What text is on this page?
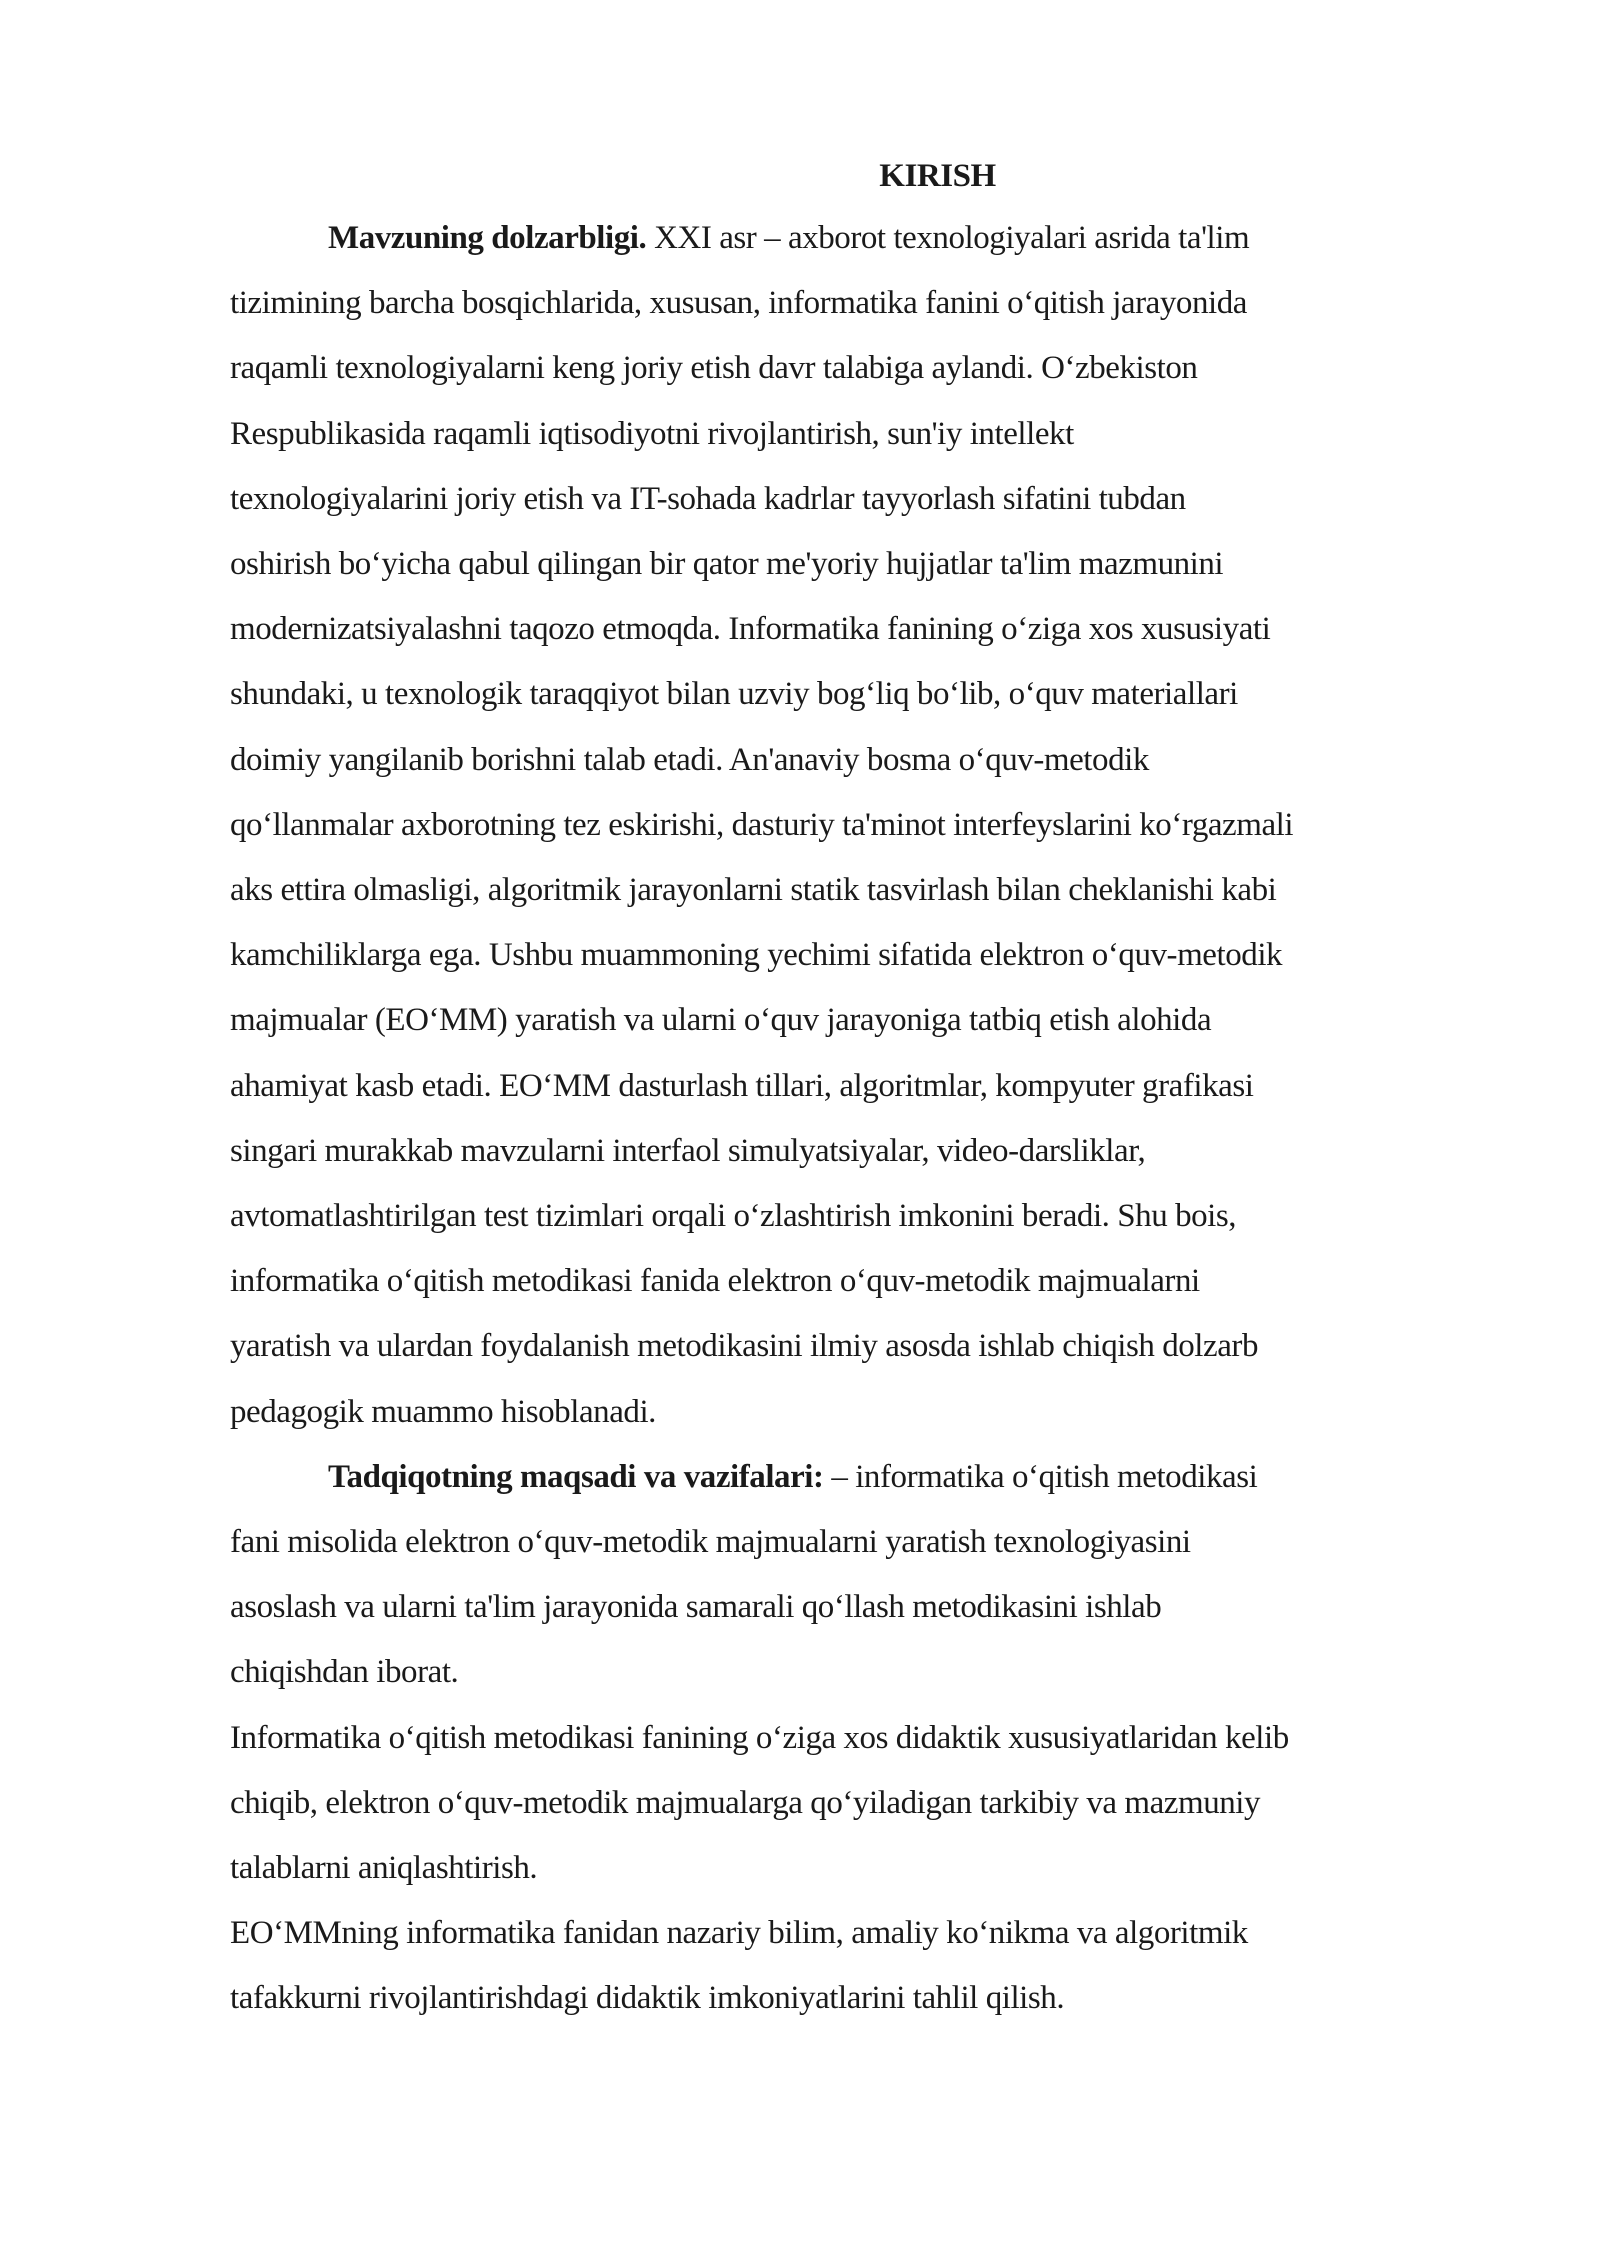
KIRISH

Mavzuning dolzarbligi. XXI asr – axborot texnologiyalari asrida ta'lim

tizimining barcha bosqichlarida, xususan, informatika fanini oʻqitish jarayonida
raqamli texnologiyalarni keng joriy etish davr talabiga aylandi. Oʻzbekiston
Respublikasida raqamli iqtisodiyotni rivojlantirish, sun'iy intellekt
texnologiyalarini joriy etish va IT-sohada kadrlar tayyorlash sifatini tubdan
oshirish boʻyicha qabul qilingan bir qator me'yoriy hujjatlar ta'lim mazmunini
modernizatsiyalashni taqozo etmoqda. Informatika fanining oʻziga xos xususiyati
shundaki, u texnologik taraqqiyot bilan uzviy bogʻliq boʻlib, oʻquv materiallari
doimiy yangilanib borishni talab etadi. An'anaviy bosma oʻquv-metodik
qoʻllanmalar axborotning tez eskirishi, dasturiy ta'minot interfeyslarini koʻrgazmali
aks ettira olmasligi, algoritmik jarayonlarni statik tasvirlash bilan cheklanishi kabi
kamchiliklarga ega. Ushbu muammoning yechimi sifatida elektron oʻquv-metodik
majmualar (EOʻMM) yaratish va ularni oʻquv jarayoniga tatbiq etish alohida
ahamiyat kasb etadi. EOʻMM dasturlash tillari, algoritmlar, kompyuter grafikasi
singari murakkab mavzularni interfaol simulyatsiyalar, video-darsliklar,
avtomatlashtirilgan test tizimlari orqali oʻzlashtirish imkonini beradi. Shu bois,
informatika oʻqitish metodikasi fanida elektron oʻquv-metodik majmualarni
yaratish va ulardan foydalanish metodikasini ilmiy asosda ishlab chiqish dolzarb
pedagogik muammo hisoblanadi.

Tadqiqotning maqsadi va vazifalari: – informatika oʻqitish metodikasi

fani misolida elektron oʻquv-metodik majmualarni yaratish texnologiyasini
asoslash va ularni ta'lim jarayonida samarali qoʻllash metodikasini ishlab
chiqishdan iborat.

Informatika oʻqitish metodikasi fanining oʻziga xos didaktik xususiyatlaridan kelib
chiqib, elektron oʻquv-metodik majmualarga qoʻyiladigan tarkibiy va mazmuniy
talablarni aniqlashtirish.

EOʻMMning informatika fanidan nazariy bilim, amaliy koʻnikma va algoritmik
tafakkurni rivojlantirishdagi didaktik imkoniyatlarini tahlil qilish.
